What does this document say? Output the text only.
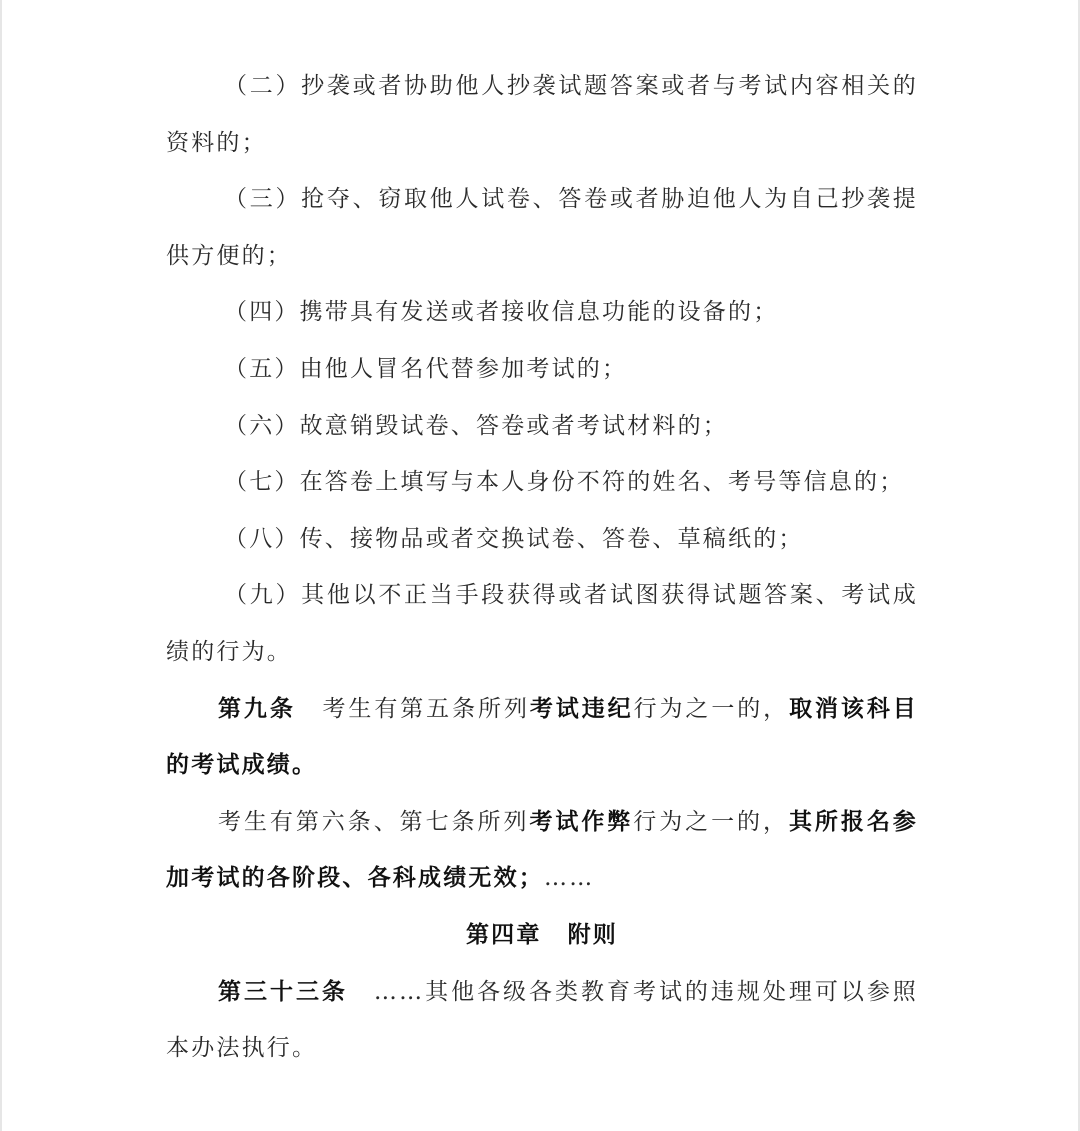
（二）抄袭或者协助他人抄袭试题答案或者与考试内容相关的资料的；

（三）抢夺、窃取他人试卷、答卷或者胁迫他人为自己抄袭提供方便的；

（四）携带具有发送或者接收信息功能的设备的；

（五）由他人冒名代替参加考试的；

（六）故意销毁试卷、答卷或者考试材料的；

（七）在答卷上填写与本人身份不符的姓名、考号等信息的；

（八）传、接物品或者交换试卷、答卷、草稿纸的；

（九）其他以不正当手段获得或者试图获得试题答案、考试成绩的行为。

第九条 考生有第五条所列考试违纪行为之一的，取消该科目的考试成绩。

考生有第六条、第七条所列考试作弊行为之一的，其所报名参加考试的各阶段、各科成绩无效；……

第四章 附则

第三十三条 ……其他各级各类教育考试的违规处理可以参照本办法执行。
